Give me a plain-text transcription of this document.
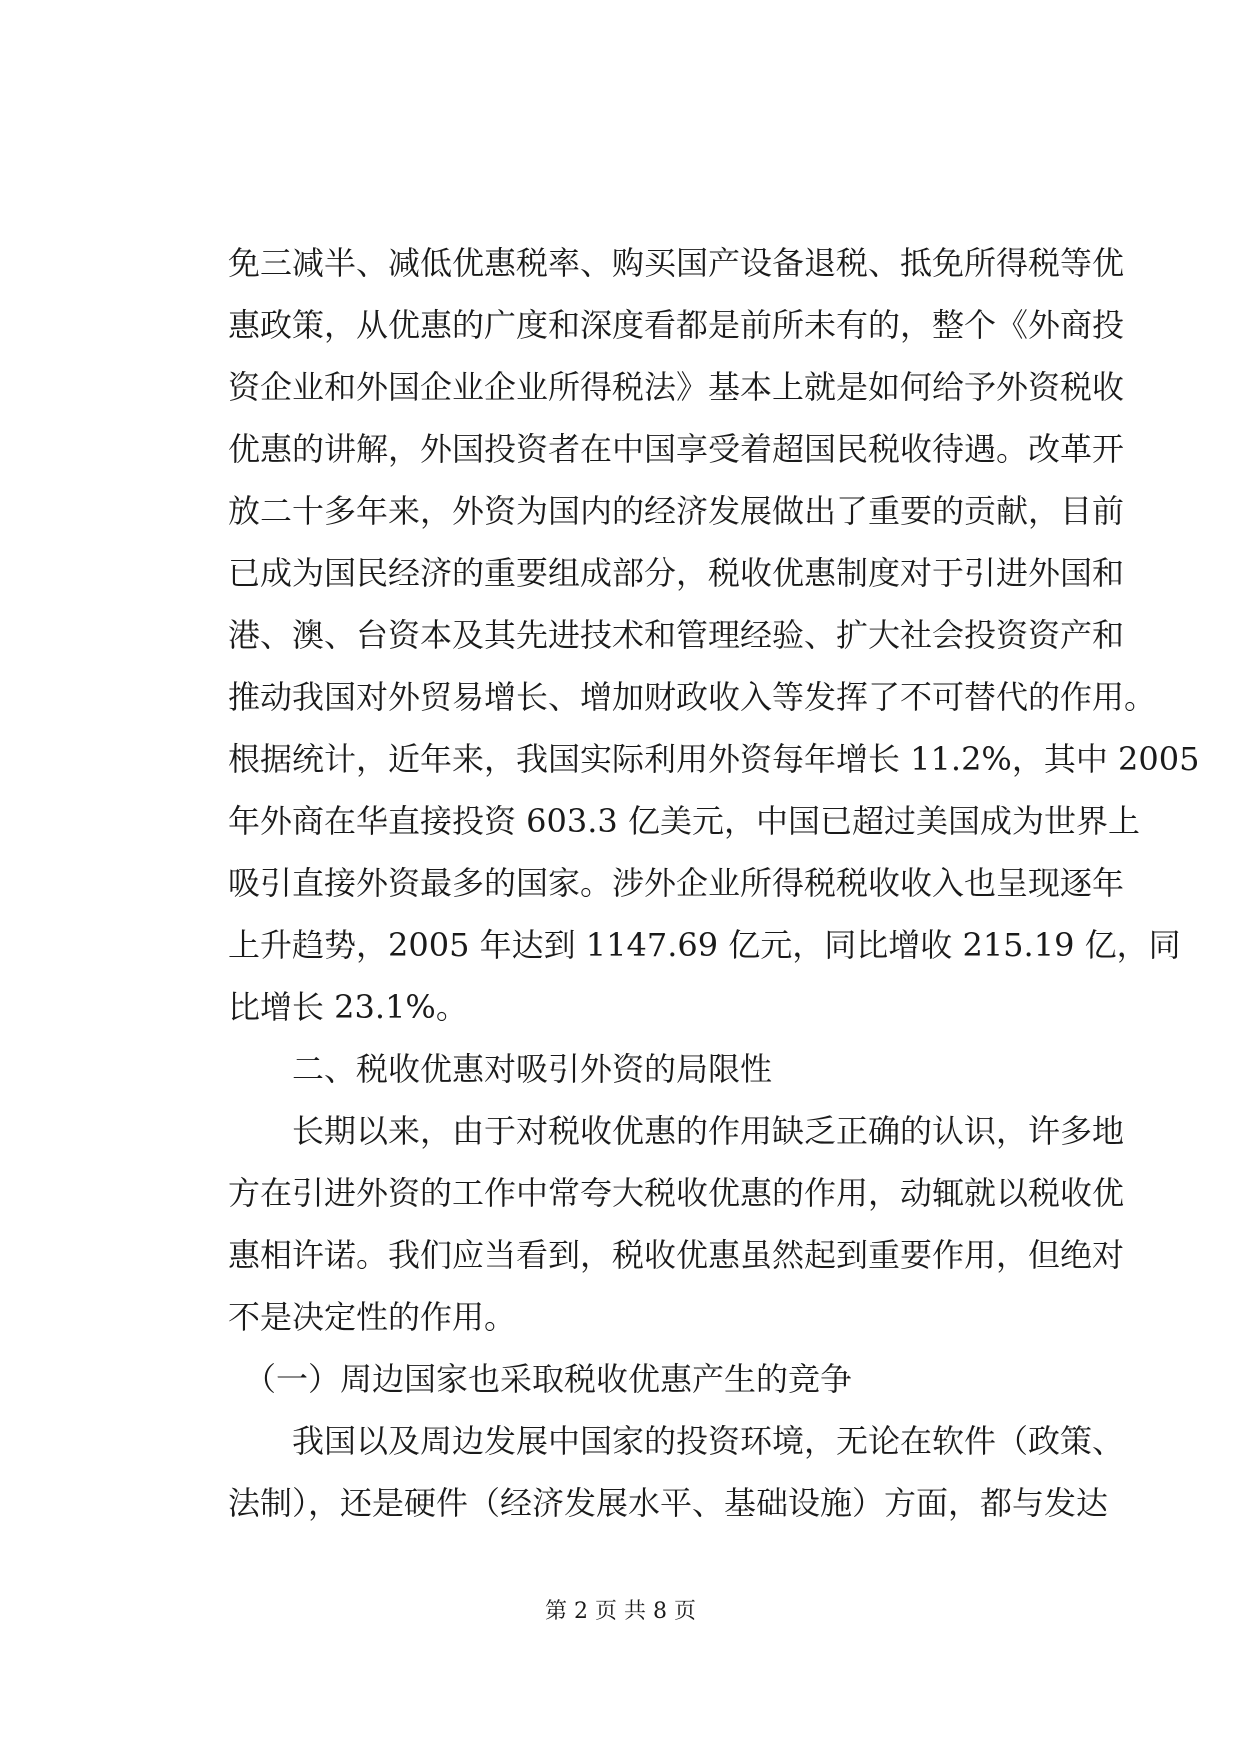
免三减半、减低优惠税率、购买国产设备退税、抵免所得税等优
惠政策，从优惠的广度和深度看都是前所未有的，整个《外商投
资企业和外国企业企业所得税法》基本上就是如何给予外资税收
优惠的讲解，外国投资者在中国享受着超国民税收待遇。改革开
放二十多年来，外资为国内的经济发展做出了重要的贡献，目前
已成为国民经济的重要组成部分，税收优惠制度对于引进外国和
港、澳、台资本及其先进技术和管理经验、扩大社会投资资产和
推动我国对外贸易增长、增加财政收入等发挥了不可替代的作用。
根据统计，近年来，我国实际利用外资每年增长 11.2%，其中 2005
年外商在华直接投资 603.3 亿美元，中国已超过美国成为世界上
吸引直接外资最多的国家。涉外企业所得税税收收入也呈现逐年
上升趋势，2005 年达到 1147.69 亿元，同比增收 215.19 亿，同
比增长 23.1%。
二、税收优惠对吸引外资的局限性
长期以来，由于对税收优惠的作用缺乏正确的认识，许多地
方在引进外资的工作中常夸大税收优惠的作用，动辄就以税收优
惠相许诺。我们应当看到，税收优惠虽然起到重要作用，但绝对
不是决定性的作用。
（一）周边国家也采取税收优惠产生的竞争
我国以及周边发展中国家的投资环境，无论在软件（政策、
法制），还是硬件（经济发展水平、基础设施）方面，都与发达
第 2 页 共 8 页
